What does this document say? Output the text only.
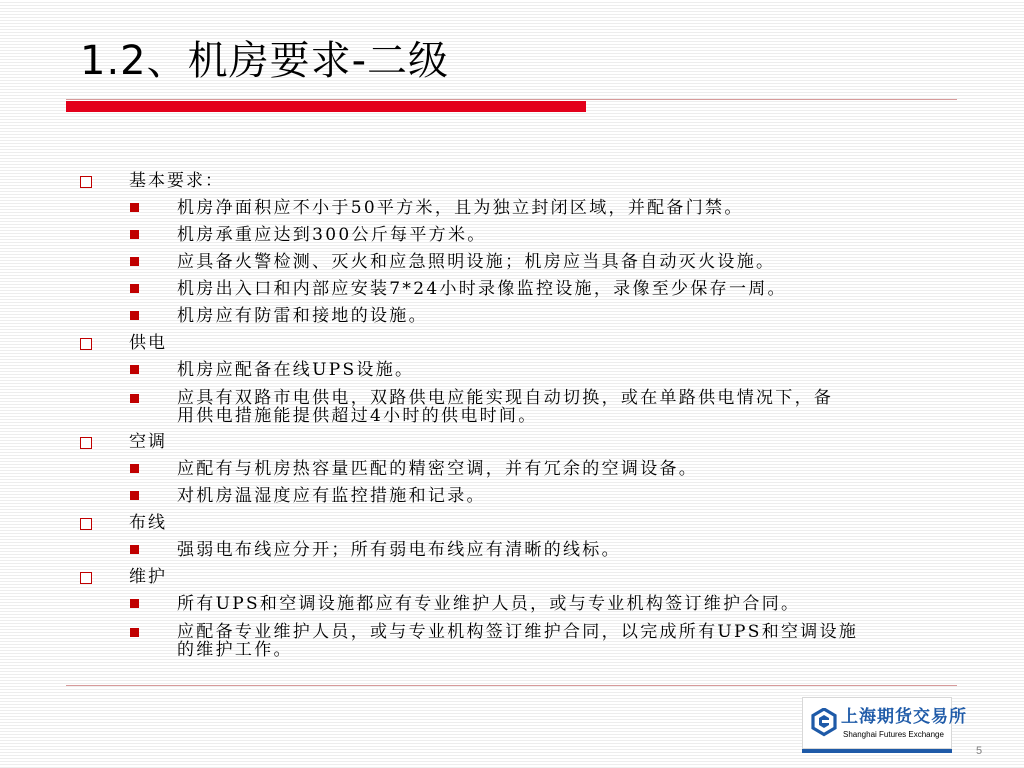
1.2、机房要求-二级
基本要求：
机房净面积应不小于50平方米，且为独立封闭区域，并配备门禁。
机房承重应达到300公斤每平方米。
应具备火警检测、灭火和应急照明设施；机房应当具备自动灭火设施。
机房出入口和内部应安装7*24小时录像监控设施，录像至少保存一周。
机房应有防雷和接地的设施。
供电
机房应配备在线UPS设施。
应具有双路市电供电，双路供电应能实现自动切换，或在单路供电情况下，备
用供电措施能提供超过4小时的供电时间。
空调
应配有与机房热容量匹配的精密空调，并有冗余的空调设备。
对机房温湿度应有监控措施和记录。
布线
强弱电布线应分开；所有弱电布线应有清晰的线标。
维护
所有UPS和空调设施都应有专业维护人员，或与专业机构签订维护合同。
应配备专业维护人员，或与专业机构签订维护合同，以完成所有UPS和空调设施
的维护工作。
上海期货交易所
Shanghai Futures Exchange
5
